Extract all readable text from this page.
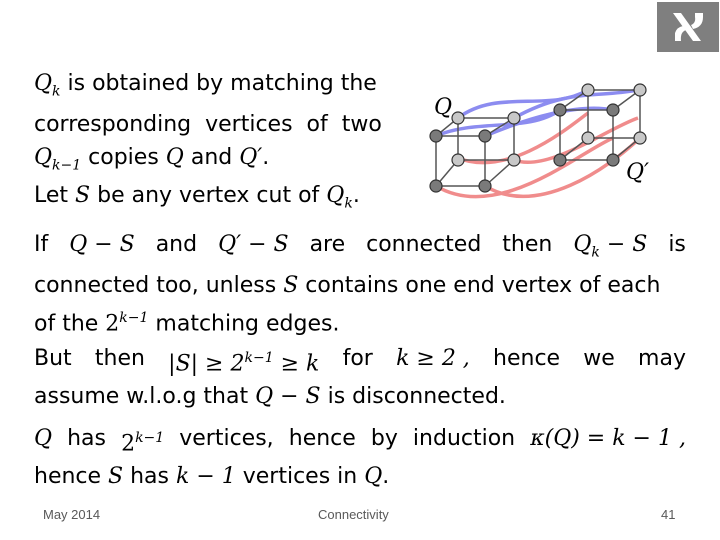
$Q_k$ is obtained by matching the
corresponding  vertices  of  two
$Q_{k-1}$ copies Q and Q′.
Let S be any vertex cut of $Q_k$.
If Q − S and Q′ − S are connected then $Q_k - S$ is
connected too, unless S contains one end vertex of each
of the $2^{k-1}$ matching edges.
But then $|S| \ge 2^{k-1} \ge k$ for k ≥ 2 , hence we may
assume w.l.o.g that Q − S is disconnected.
Q has $2^{k-1}$ vertices, hence by induction κ(Q) = k − 1 ,
hence S has k − 1 vertices in Q.
Q
Q′
May 2014	Connectivity	41
